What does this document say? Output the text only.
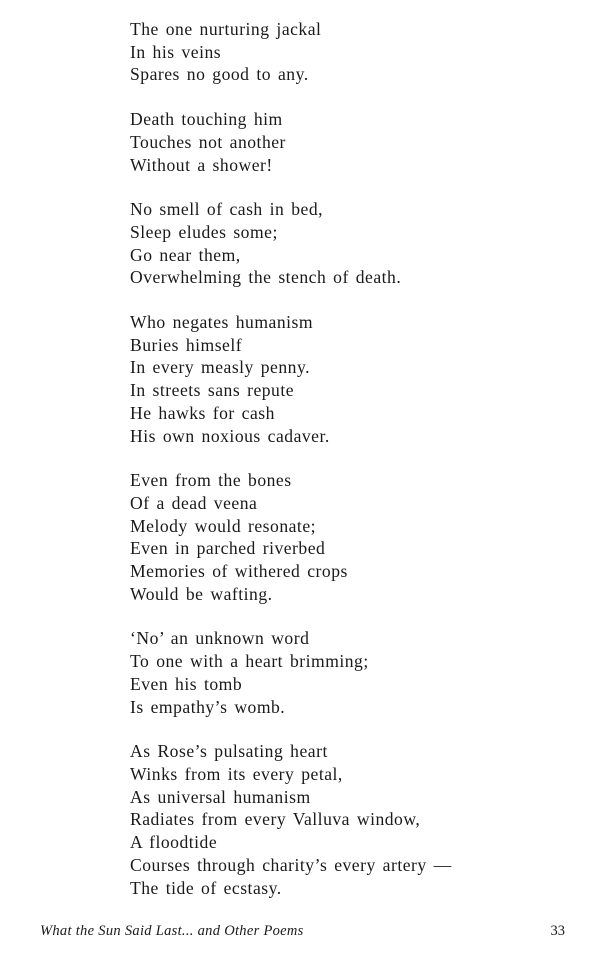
The one nurturing jackal
In his veins
Spares no good to any.
Death touching him
Touches not another
Without a shower!
No smell of cash in bed,
Sleep eludes some;
Go near them,
Overwhelming the stench of death.
Who negates humanism
Buries himself
In every measly penny.
In streets sans repute
He hawks for cash
His own noxious cadaver.
Even from the bones
Of a dead veena
Melody would resonate;
Even in parched riverbed
Memories of withered crops
Would be wafting.
‘No’ an unknown word
To one with a heart brimming;
Even his tomb
Is empathy’s womb.
As Rose’s pulsating heart
Winks from its every petal,
As universal humanism
Radiates from every Valluva window,
A floodtide
Courses through charity’s every artery —
The tide of ecstasy.
What the Sun Said Last... and Other Poems	33
